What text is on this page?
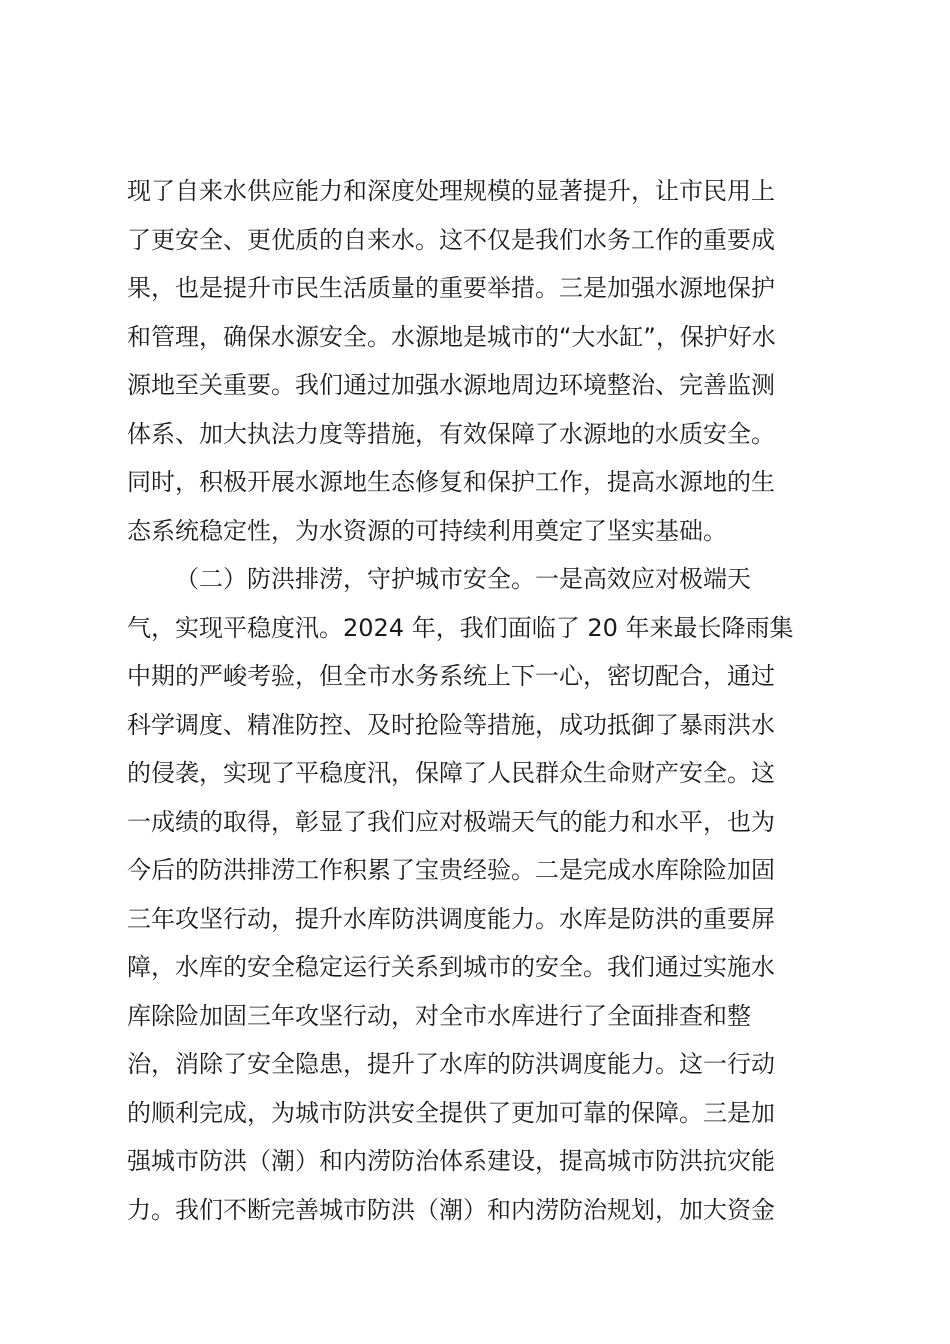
现了自来水供应能力和深度处理规模的显著提升，让市民用上
了更安全、更优质的自来水。这不仅是我们水务工作的重要成
果，也是提升市民生活质量的重要举措。三是加强水源地保护
和管理，确保水源安全。水源地是城市的“大水缸”，保护好水
源地至关重要。我们通过加强水源地周边环境整治、完善监测
体系、加大执法力度等措施，有效保障了水源地的水质安全。
同时，积极开展水源地生态修复和保护工作，提高水源地的生
态系统稳定性，为水资源的可持续利用奠定了坚实基础。
（二）防洪排涝，守护城市安全。一是高效应对极端天
气，实现平稳度汛。2024 年，我们面临了 20 年来最长降雨集
中期的严峻考验，但全市水务系统上下一心，密切配合，通过
科学调度、精准防控、及时抢险等措施，成功抵御了暴雨洪水
的侵袭，实现了平稳度汛，保障了人民群众生命财产安全。这
一成绩的取得，彰显了我们应对极端天气的能力和水平，也为
今后的防洪排涝工作积累了宝贵经验。二是完成水库除险加固
三年攻坚行动，提升水库防洪调度能力。水库是防洪的重要屏
障，水库的安全稳定运行关系到城市的安全。我们通过实施水
库除险加固三年攻坚行动，对全市水库进行了全面排查和整
治，消除了安全隐患，提升了水库的防洪调度能力。这一行动
的顺利完成，为城市防洪安全提供了更加可靠的保障。三是加
强城市防洪（潮）和内涝防治体系建设，提高城市防洪抗灾能
力。我们不断完善城市防洪（潮）和内涝防治规划，加大资金
